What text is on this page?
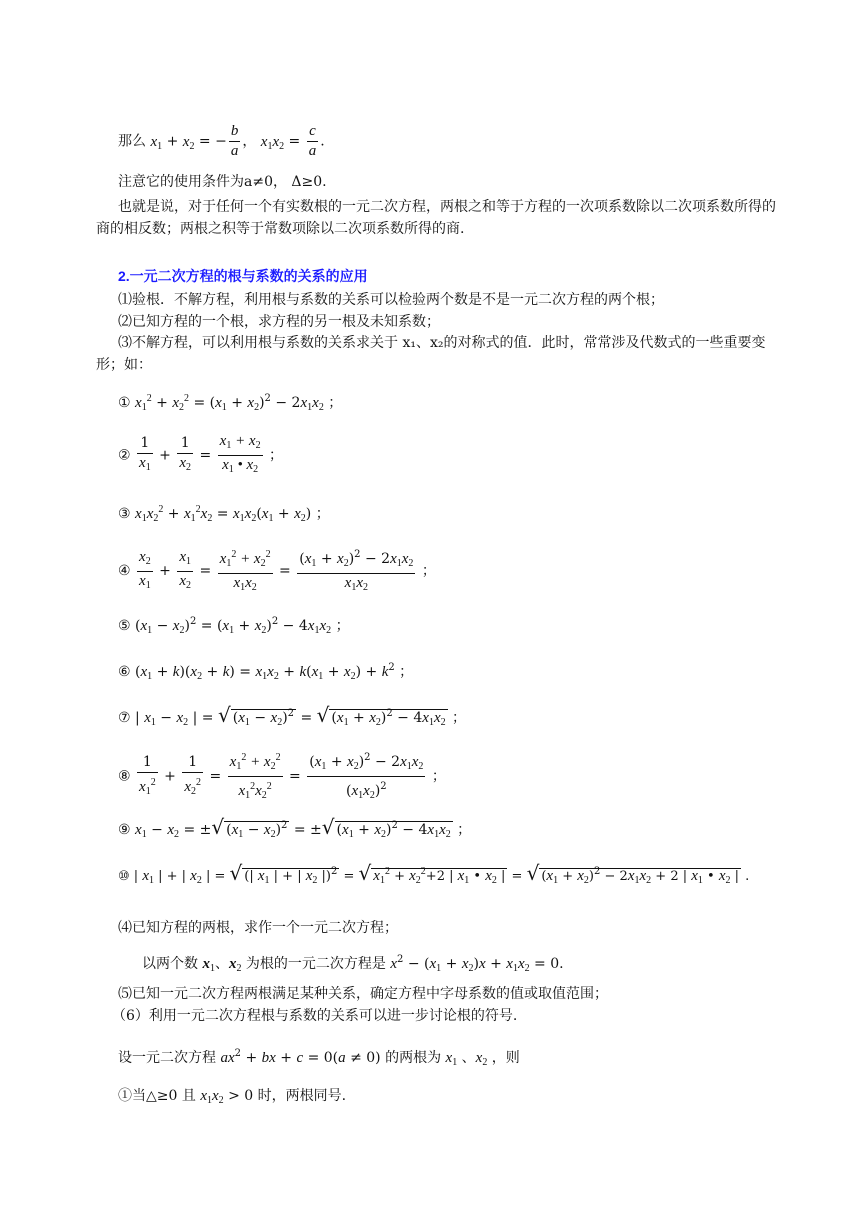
那么 $x_1 + x_2$ = − $\frac{b}{a}$ ， $x_1x_2 = \frac{c}{a}$ .
注意它的使用条件为a≠0， Δ≥0.
也就是说，对于任何一个有实数根的一元二次方程，两根之和等于方程的一次项系数除以二次项系数所得的商的相反数；两根之积等于常数项除以二次项系数所得的商.
2.一元二次方程的根与系数的关系的应用
⑴验根．不解方程，利用根与系数的关系可以检验两个数是不是一元二次方程的两个根；
⑵已知方程的一个根，求方程的另一根及未知系数；
⑶不解方程，可以利用根与系数的关系求关于 x₁、x₂的对称式的值．此时，常常涉及代数式的一些重要变形；如：
① $x_1^2 + x_2^2 = (x_1 + x_2)^2 - 2x_1x_2$ ；
② $\frac{1}{x_1} + \frac{1}{x_2} = \frac{x_1 + x_2}{x_1 • x_2}$ ；
③ $x_1x_2^2 + x_1^2x_2 = x_1x_2(x_1 + x_2)$ ；
④ $\frac{x_2}{x_1} + \frac{x_1}{x_2} = \frac{x_1^2 + x_2^2}{x_1x_2} = \frac{(x_1 + x_2)^2 - 2x_1x_2}{x_1x_2}$ ；
⑤ $(x_1 - x_2)^2 = (x_1 + x_2)^2 - 4x_1x_2$ ；
⑥ $(x_1 + k)(x_2 + k) = x_1x_2 + k(x_1 + x_2) + k^2$ ；
⑦ | $x_1 - x_2$ | = √ $(x_1 - x_2)^2$ = √ $(x_1 + x_2)^2 - 4x_1x_2$ ；
⑧ $\frac{1}{x_1^2} + \frac{1}{x_2^2} = \frac{x_1^2 + x_2^2}{x_1^2x_2^2} = \frac{(x_1 + x_2)^2 - 2x_1x_2}{(x_1x_2)^2}$ ；
⑨ $x_1 - x_2$ = ±√ $(x_1 - x_2)^2$ = ±√ $(x_1 + x_2)^2 - 4x_1x_2$ ；
⑩ | $x_1$ | + | $x_2$ | = √ (| $x_1$ | + | $x_2$ |)$^2$ = √ $x_1^2 + x_2^2+2$ | $x_1$ • $x_2$ | = √ $(x_1 + x_2)^2 - 2x_1x_2 + 2$ | $x_1$ • $x_2$ | .
⑷已知方程的两根，求作一个一元二次方程；
以两个数 $x_1$、$x_2$ 为根的一元二次方程是 $x^2 - (x_1 + x_2)x + x_1x_2 = 0$.
⑸已知一元二次方程两根满足某种关系，确定方程中字母系数的值或取值范围；
（6）利用一元二次方程根与系数的关系可以进一步讨论根的符号.
设一元二次方程 $ax^2$ + bx + c = 0(a ≠ 0) 的两根为 $x_1$ 、$x_2$ ，则
①当△≥0 且 $x_1x_2 > 0$ 时，两根同号.
